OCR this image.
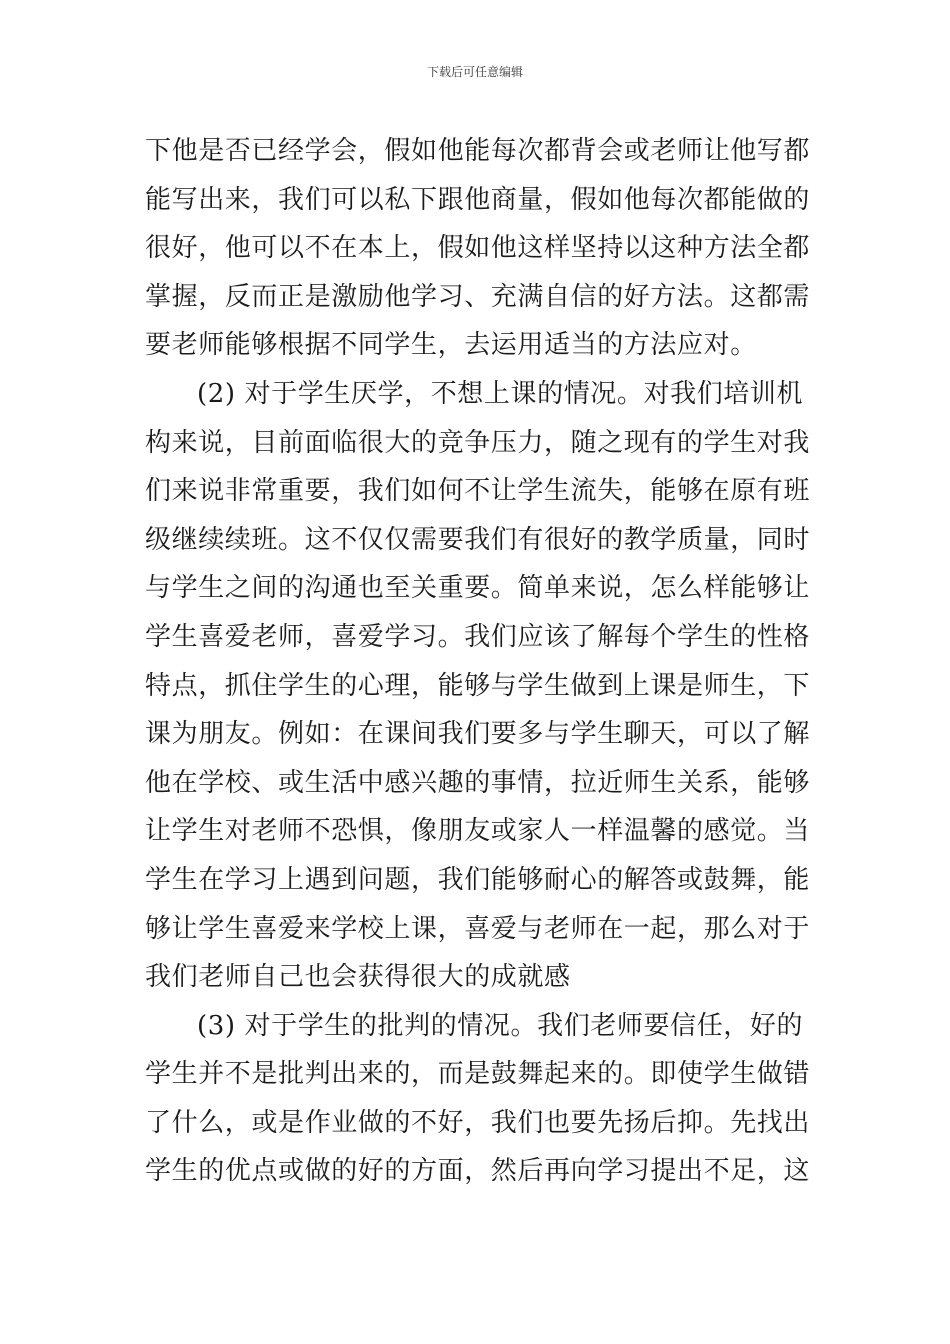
下载后可任意编辑
下他是否已经学会，假如他能每次都背会或老师让他写都
能写出来，我们可以私下跟他商量，假如他每次都能做的
很好，他可以不在本上，假如他这样坚持以这种方法全都
掌握，反而正是激励他学习、充满自信的好方法。这都需
要老师能够根据不同学生，去运用适当的方法应对。
(2) 对于学生厌学，不想上课的情况。对我们培训机
构来说，目前面临很大的竞争压力，随之现有的学生对我
们来说非常重要，我们如何不让学生流失，能够在原有班
级继续续班。这不仅仅需要我们有很好的教学质量，同时
与学生之间的沟通也至关重要。简单来说，怎么样能够让
学生喜爱老师，喜爱学习。我们应该了解每个学生的性格
特点，抓住学生的心理，能够与学生做到上课是师生，下
课为朋友。例如：在课间我们要多与学生聊天，可以了解
他在学校、或生活中感兴趣的事情，拉近师生关系，能够
让学生对老师不恐惧，像朋友或家人一样温馨的感觉。当
学生在学习上遇到问题，我们能够耐心的解答或鼓舞，能
够让学生喜爱来学校上课，喜爱与老师在一起，那么对于
我们老师自己也会获得很大的成就感
(3) 对于学生的批判的情况。我们老师要信任，好的
学生并不是批判出来的，而是鼓舞起来的。即使学生做错
了什么，或是作业做的不好，我们也要先扬后抑。先找出
学生的优点或做的好的方面，然后再向学习提出不足，这
